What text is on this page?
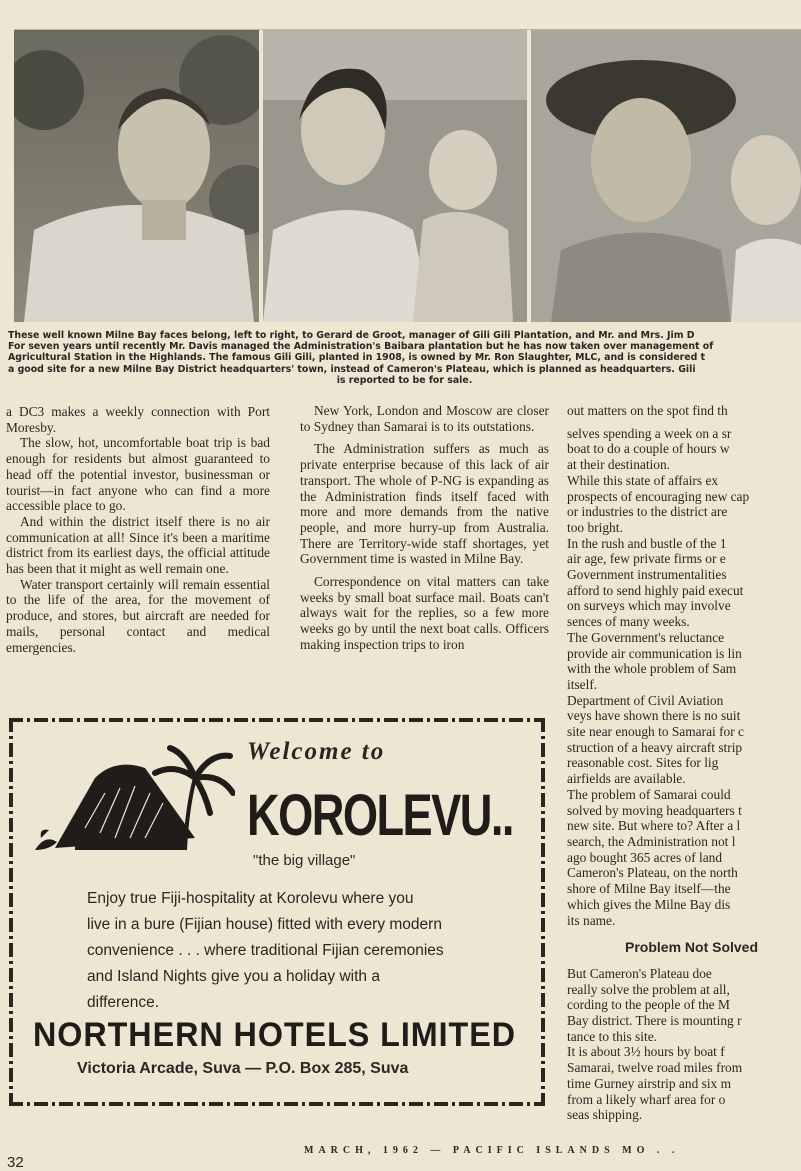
These well known Milne Bay faces belong, left to right, to Gerard de Groot, manager of Gili Gili Plantation, and Mr. and Mrs. Jim D
For seven years until recently Mr. Davis managed the Administration's Baibara plantation but he has now taken over management of
Agricultural Station in the Highlands. The famous Gili Gili, planted in 1908, is owned by Mr. Ron Slaughter, MLC, and is considered t
a good site for a new Milne Bay District headquarters' town, instead of Cameron's Plateau, which is planned as headquarters. Gili
is reported to be for sale.

a DC3 makes a weekly connection with Port Moresby.

The slow, hot, uncomfortable boat trip is bad enough for residents but almost guaranteed to head off the potential investor, businessman or tourist—in fact anyone who can find a more accessible place to go.

And within the district itself there is no air communication at all! Since it's been a maritime district from its earliest days, the official attitude has been that it might as well remain one.

Water transport certainly will remain essential to the life of the area, for the movement of produce, and stores, but aircraft are needed for mails, personal contact and medical emergencies.

New York, London and Moscow are closer to Sydney than Samarai is to its outstations.

The Administration suffers as much as private enterprise because of this lack of air transport. The whole of P-NG is expanding as the Administration finds itself faced with more and more demands from the native people, and more hurry-up from Australia. There are Territory-wide staff shortages, yet Government time is wasted in Milne Bay.

Correspondence on vital matters can take weeks by small boat surface mail. Boats can't always wait for the replies, so a few more weeks go by until the next boat calls. Officers making inspection trips to iron

out matters on the spot find th
selves spending a week on a sr
boat to do a couple of hours w
at their destination.
While this state of affairs ex
prospects of encouraging new cap
or industries to the district are
too bright.
In the rush and bustle of the 1
air age, few private firms or e
Government instrumentalities
afford to send highly paid execut
on surveys which may involve
sences of many weeks.
The Government's reluctance
provide air communication is lin
with the whole problem of Sam
itself.
Department of Civil Aviation
veys have shown there is no suit
site near enough to Samarai for c
struction of a heavy aircraft strip
reasonable cost. Sites for lig
airfields are available.
The problem of Samarai could
solved by moving headquarters t
new site. But where to? After a l
search, the Administration not l
ago bought 365 acres of land
Cameron's Plateau, on the north
shore of Milne Bay itself—the
which gives the Milne Bay dis
its name.
Problem Not Solved
But Cameron's Plateau doe
really solve the problem at all,
cording to the people of the M
Bay district. There is mounting r
tance to this site.
It is about 3½ hours by boat f
Samarai, twelve road miles from
time Gurney airstrip and six m
from a likely wharf area for o
seas shipping.
Welcome to
KOROLEVU..
"the big village"
Enjoy true Fiji-hospitality at Korolevu where you
live in a bure (Fijian house) fitted with every modern
convenience . . . where traditional Fijian ceremonies
and Island Nights give you a holiday with a
difference.
NORTHERN HOTELS LIMITED
Victoria Arcade, Suva — P.O. Box 285, Suva
32
MARCH, 1962 — PACIFIC ISLANDS MO . .
